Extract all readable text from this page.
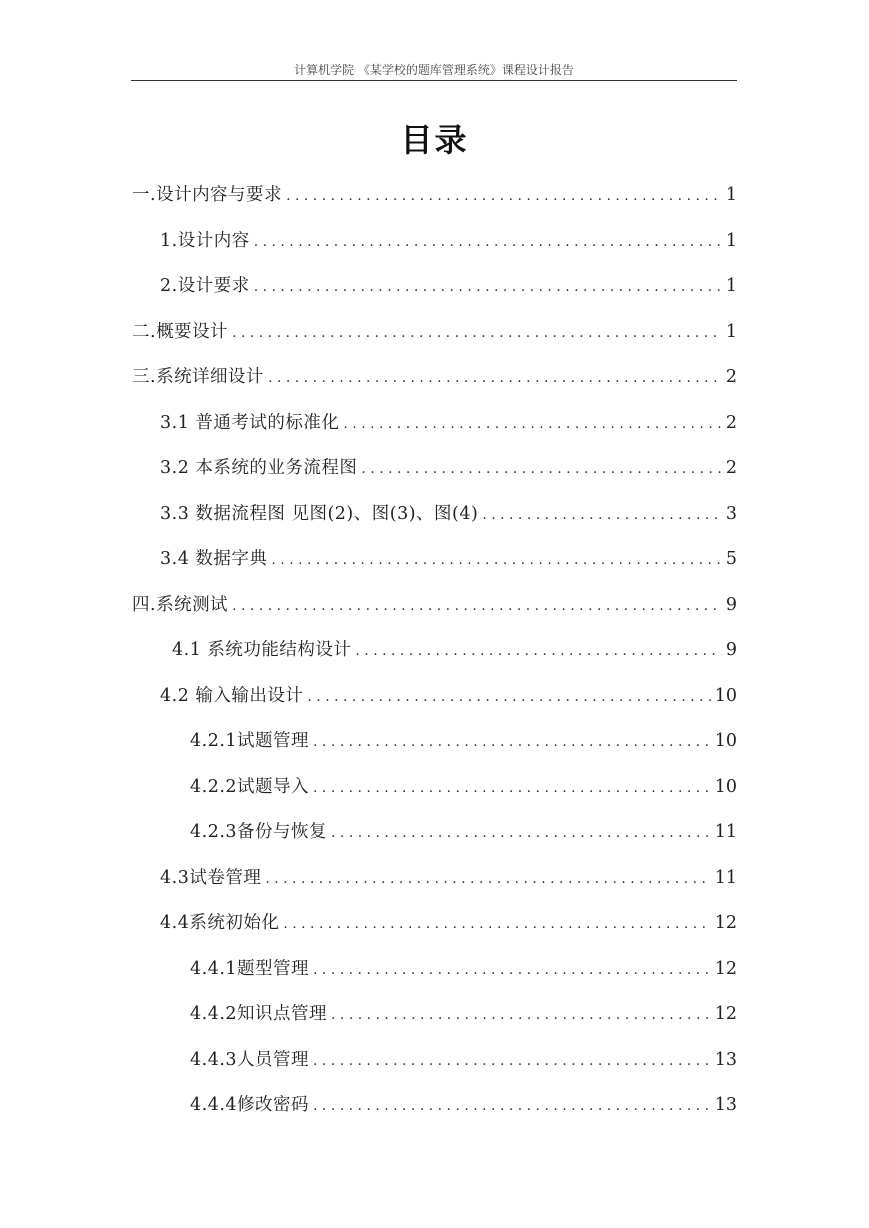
计算机学院 《某学校的题库管理系统》课程设计报告
目录
一.设计内容与要求 . . .	1
1.设计内容 . . .	1
2.设计要求 . . .	1
二.概要设计 . . .	1
三.系统详细设计 . . .	2
3.1 普通考试的标准化 . . .	2
3.2 本系统的业务流程图 . . .	2
3.3 数据流程图 见图(2)、图(3)、图(4) . . .	3
3.4 数据字典 . . .	5
四.系统测试 . . .	9
4.1 系统功能结构设计 . . .	9
4.2 输入输出设计 . . .	10
4.2.1试题管理 . . .	10
4.2.2试题导入 . . .	10
4.2.3备份与恢复 . . .	11
4.3试卷管理 . . .	11
4.4系统初始化 . . .	12
4.4.1题型管理 . . .	12
4.4.2知识点管理 . . .	12
4.4.3人员管理 . . .	13
4.4.4修改密码 . . .	13
